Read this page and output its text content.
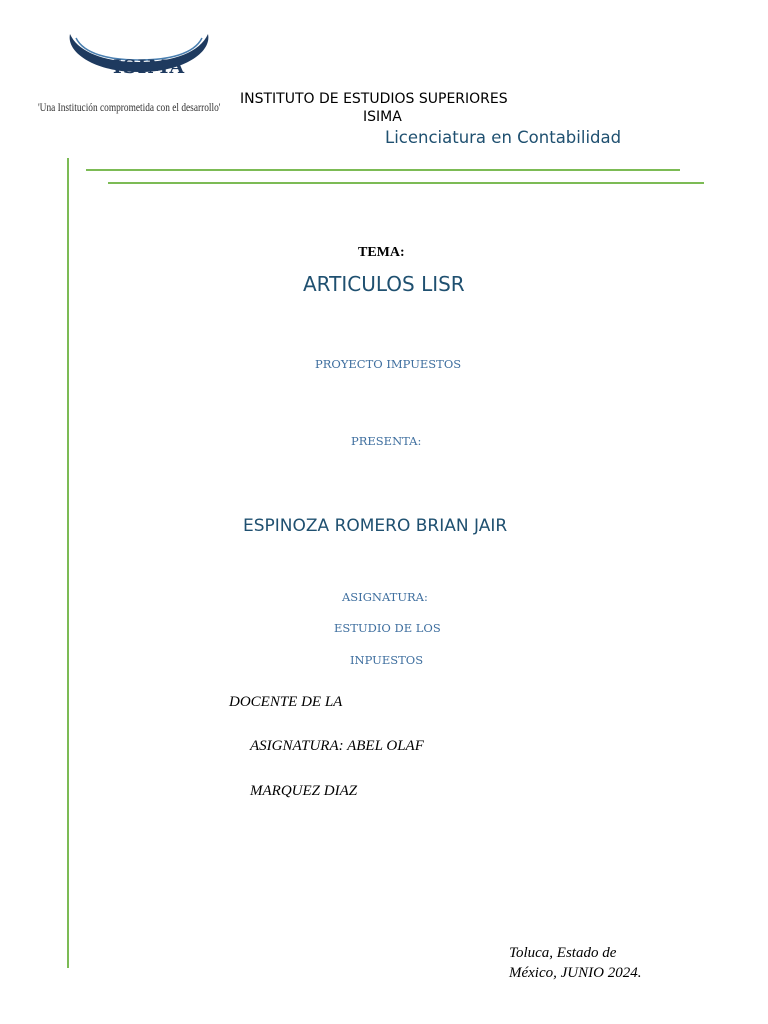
ISIMA
'Una Institución comprometida con el desarrollo' INSTITUTO DE ESTUDIOS SUPERIORES
ISIMA
Licenciatura en Contabilidad
TEMA:
ARTICULOS LISR
PROYECTO IMPUESTOS
PRESENTA:
ESPINOZA ROMERO BRIAN JAIR
ASIGNATURA:
ESTUDIO DE LOS
INPUESTOS
DOCENTE DE LA
ASIGNATURA: ABEL OLAF
MARQUEZ DIAZ
Toluca, Estado de
México, JUNIO 2024.
